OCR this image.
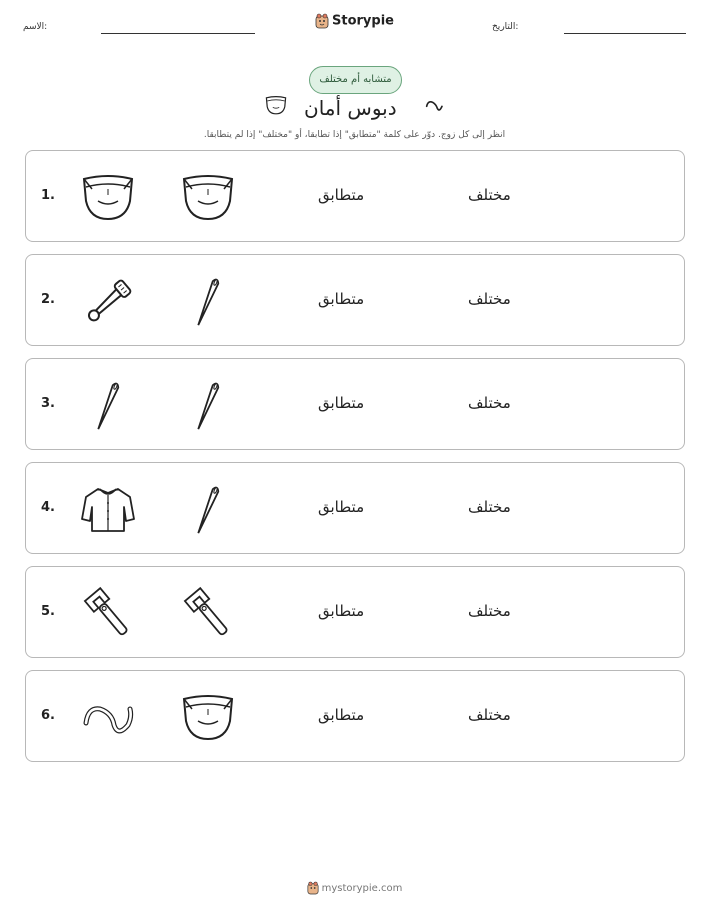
الاسم:	Storypie	التاريخ:
متشابه أم مختلف
دبوس أمان
انظر إلى كل زوج. دوّر على كلمة "متطابق" إذا تطابقا، أو "مختلف" إذا لم يتطابقا.
1.	متطابق	مختلف
2.	متطابق	مختلف
3.	متطابق	مختلف
4.	متطابق	مختلف
5.	متطابق	مختلف
6.	متطابق	مختلف
mystorypie.com
